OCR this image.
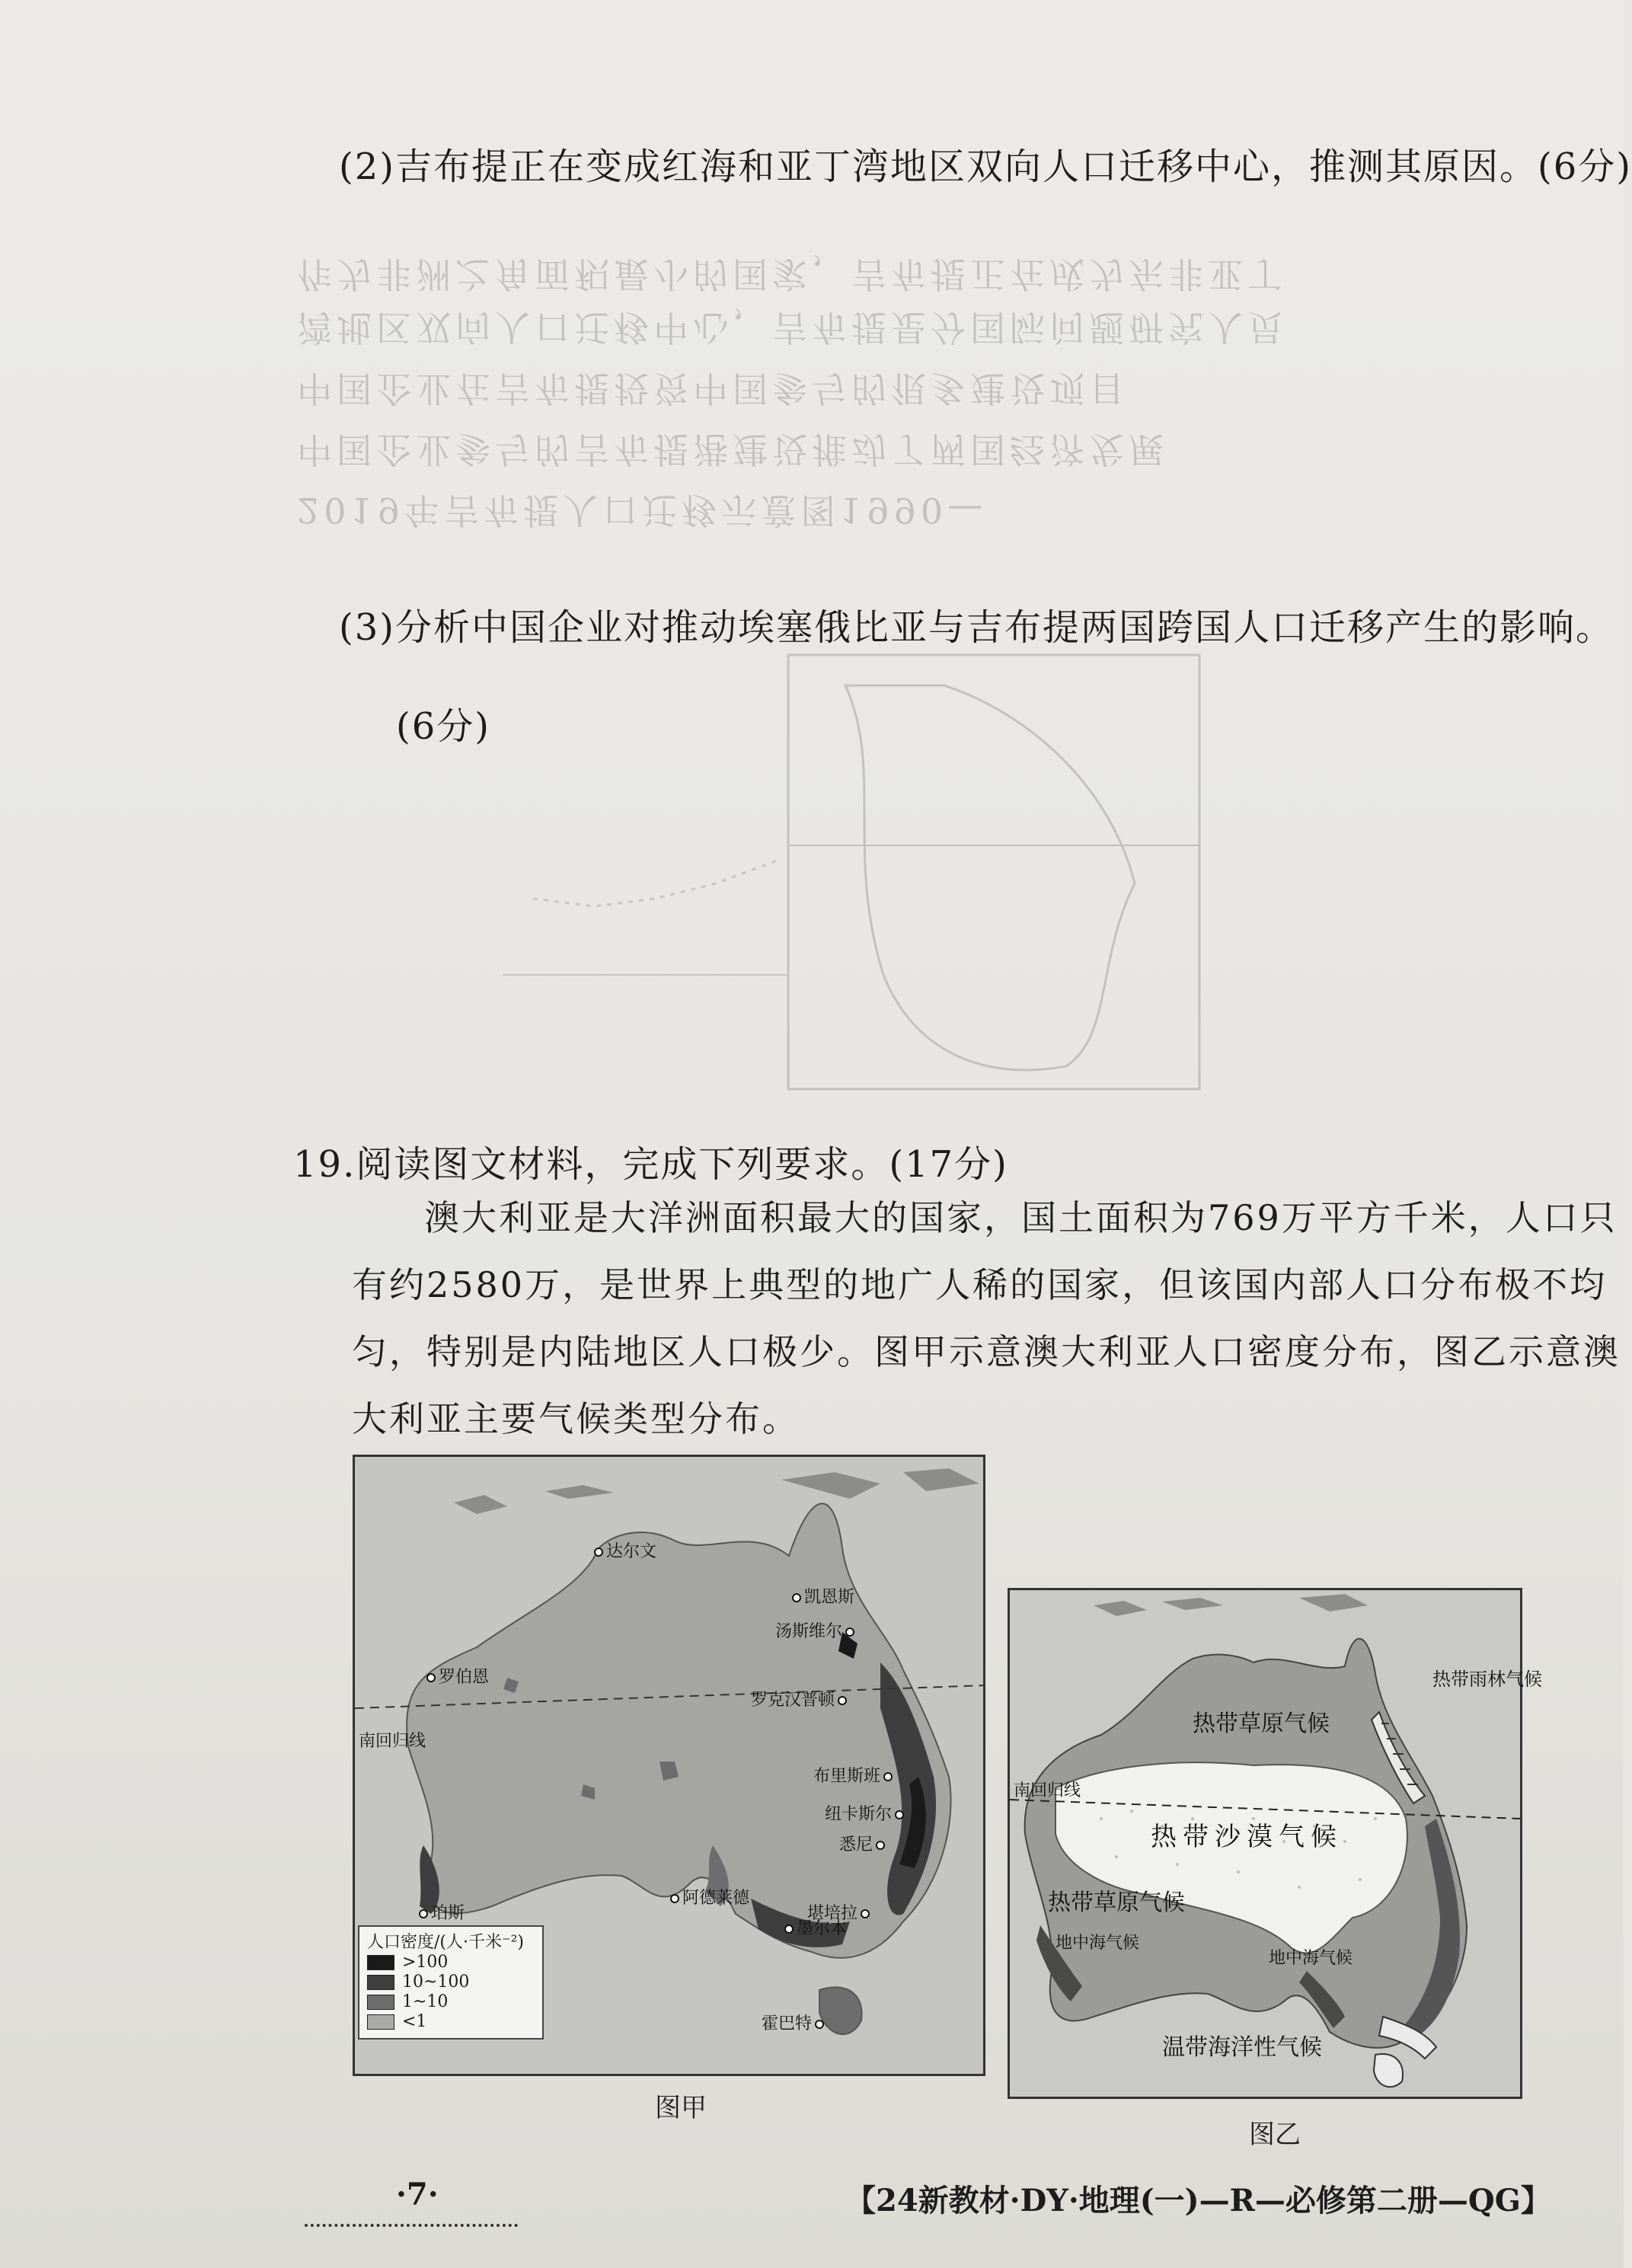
作为非洲之角面积最小的国家，吉布提正在成为东非亚丁
湾地区双向人口迁移中心，吉布提是分国际问题研究人员
中国企业在吉布提投资中国参与的很多建设项目
中国企业参与的吉布提港建设推动了两国经济发展
2019年吉布提人口迁移示意图1990—
(2)吉布提正在变成红海和亚丁湾地区双向人口迁移中心，推测其原因。(6分)
(3)分析中国企业对推动埃塞俄比亚与吉布提两国跨国人口迁移产生的影响。
(6分)
19.阅读图文材料，完成下列要求。(17分)
澳大利亚是大洋洲面积最大的国家，国土面积为769万平方千米，人口只
有约2580万，是世界上典型的地广人稀的国家，但该国内部人口分布极不均
匀，特别是内陆地区人口极少。图甲示意澳大利亚人口密度分布，图乙示意澳
大利亚主要气候类型分布。
南回归线
达尔文
凯恩斯
汤斯维尔
罗克汉普顿
布里斯班
纽卡斯尔
悉尼
堪培拉
墨尔本
阿德莱德
珀斯
罗伯恩
霍巴特
人口密度/(人·千米⁻²)
>100
10~100
1~10
<1
图甲
南回归线
热带雨林气候
热带草原气候
热带沙漠气候
热带草原气候
地中海气候
地中海气候
温带海洋性气候
图乙
·7·	【24新教材·DY·地理(一)—R—必修第二册—QG】
